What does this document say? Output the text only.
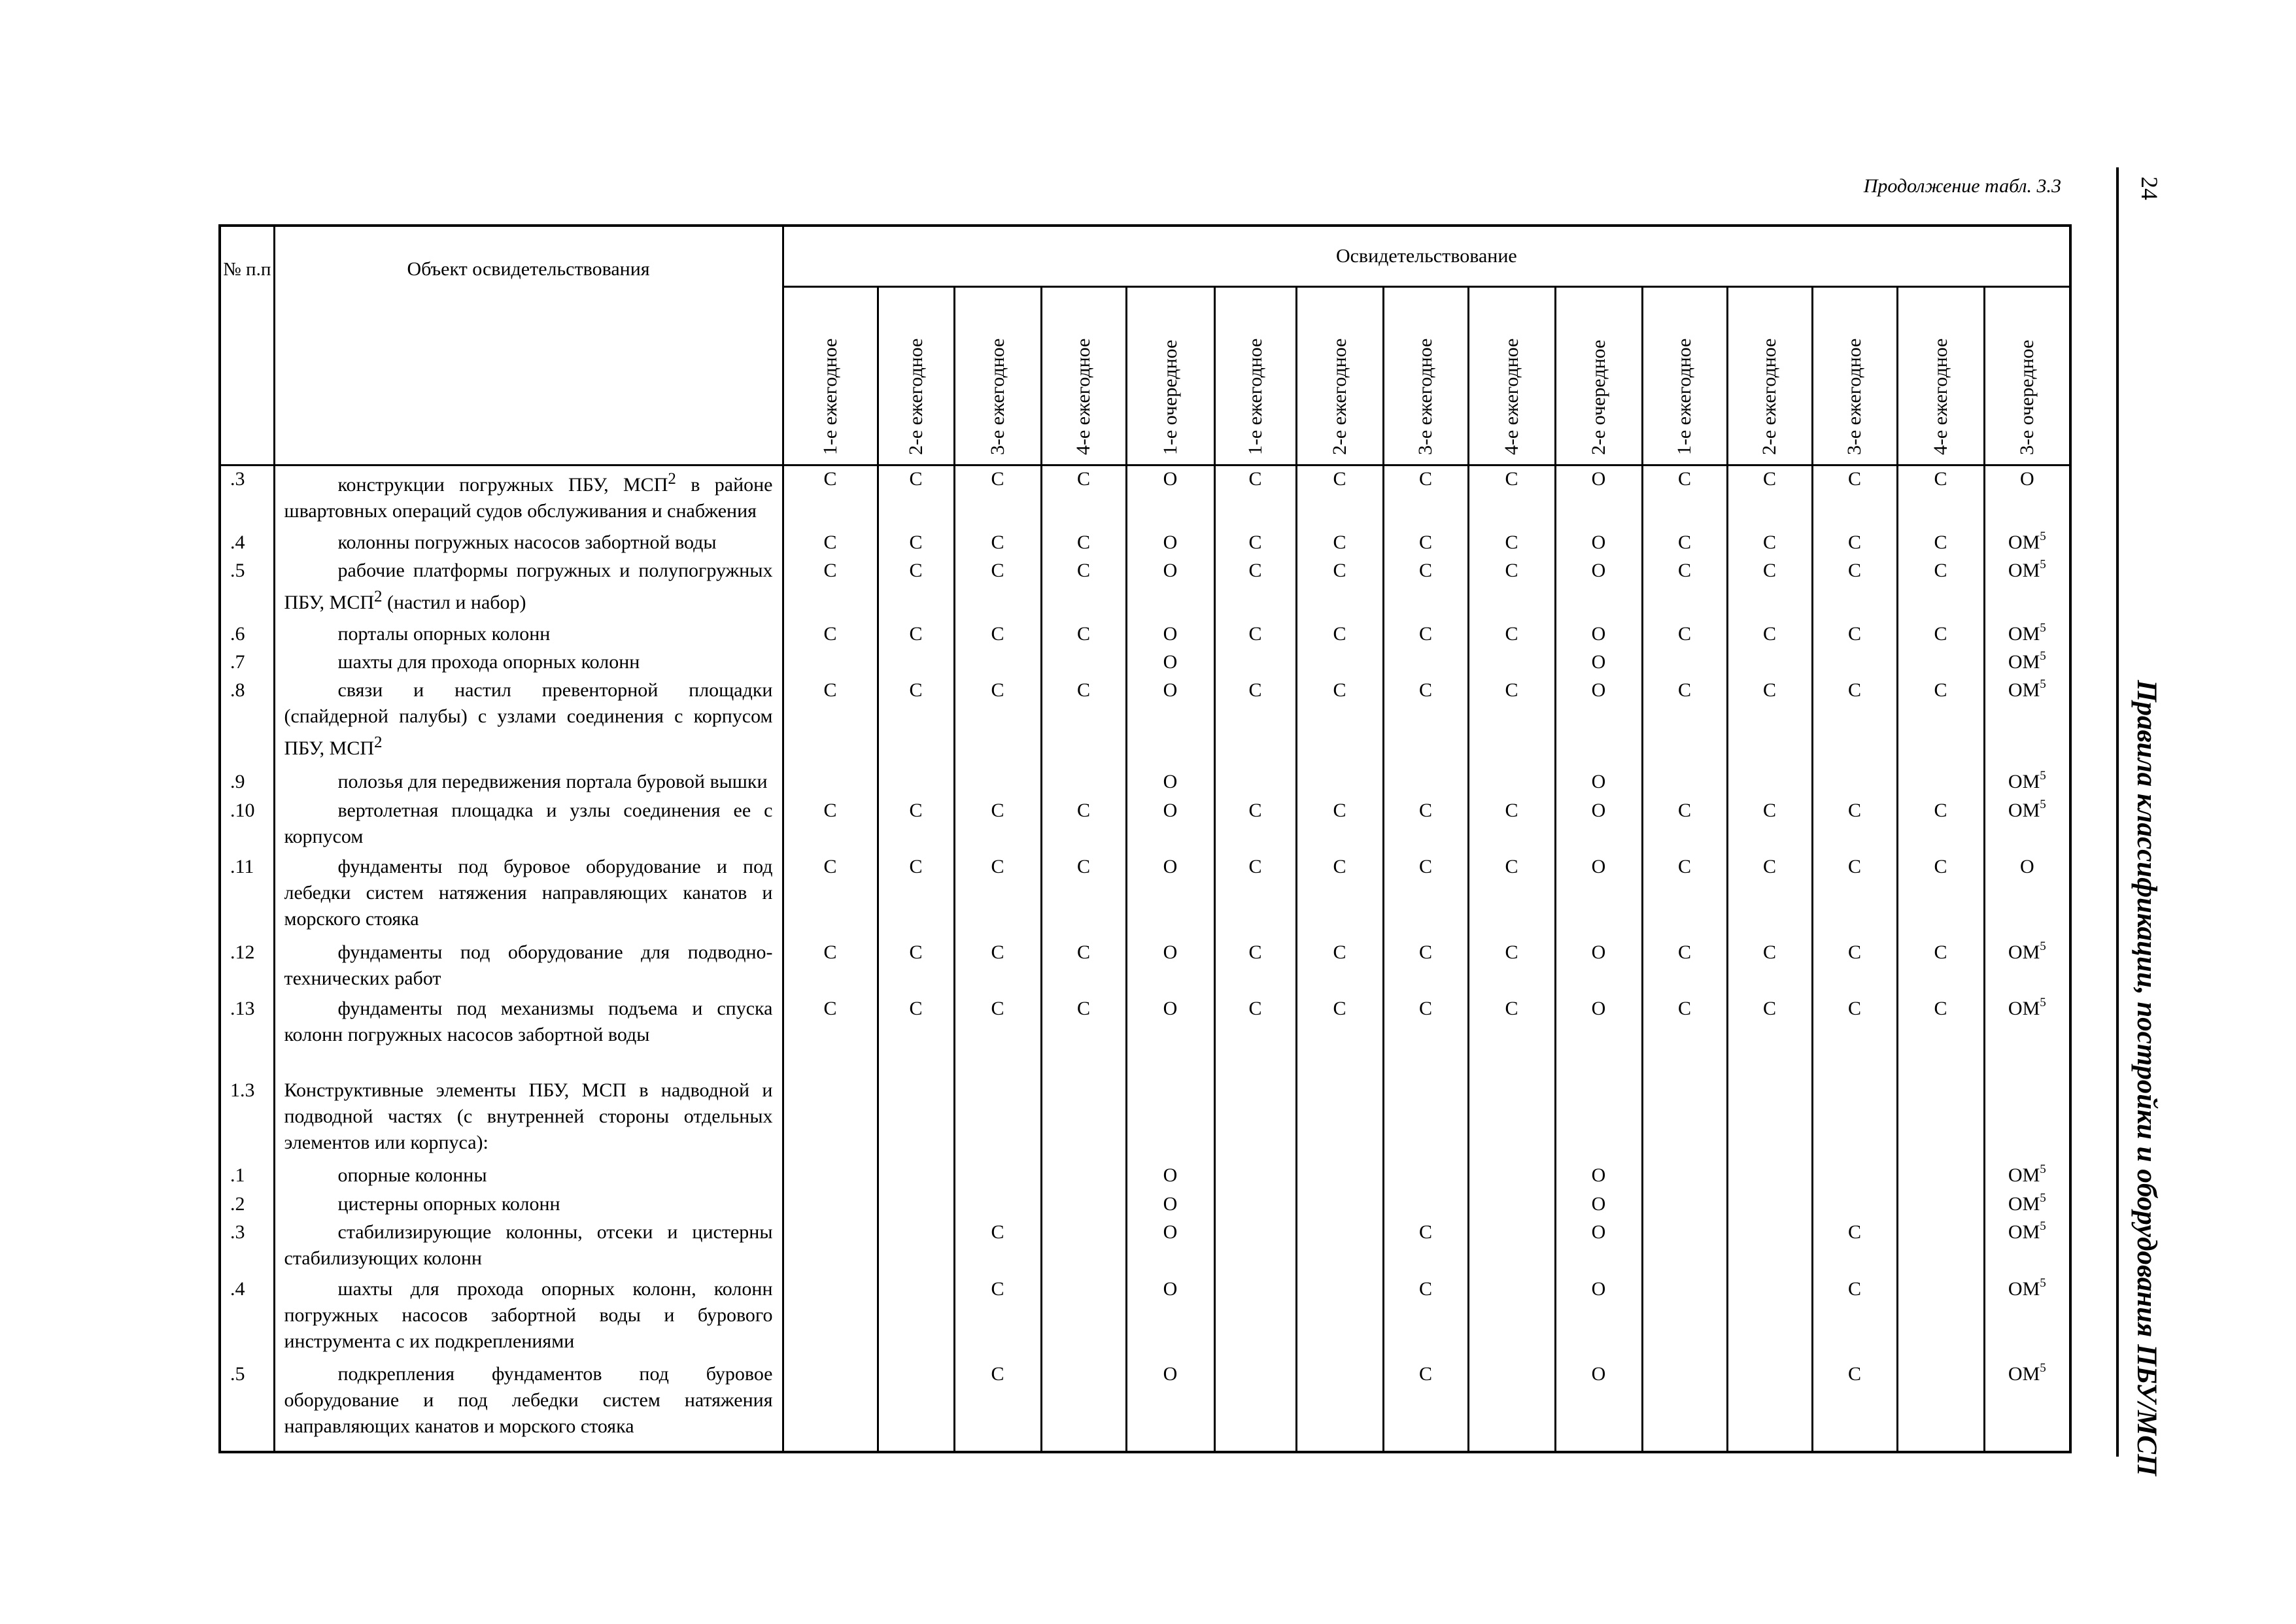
Продолжение табл. 3.3	24
Правила классификации, постройки и оборудования ПБУ/МСП
№ п.п	Объект освидетельствования	Освидетельствование														

		1-е ежегодное	2-е ежегодное	3-е ежегодное	4-е ежегодное	1-е очередное	1-е ежегодное	2-е ежегодное	3-е ежегодное	4-е ежегодное	2-е очередное	1-е ежегодное	2-е ежегодное	3-е ежегодное	4-е ежегодное	3-е очередное

.3	конструкции погружных ПБУ, МСП$^2$ в районе швартовных операций судов обслуживания и снабжения	С	С	С	С	О	С	С	С	С	О	С	С	С	С	О
.4	колонны погружных насосов забортной воды	С	С	С	С	О	С	С	С	С	О	С	С	С	С	$ОМ^5$
.5	рабочие платформы погружных и полупогружных ПБУ, МСП$^2$ (настил и набор)	С	С	С	С	О	С	С	С	С	О	С	С	С	С	$ОМ^5$
.6	порталы опорных колонн	С	С	С	С	О	С	С	С	С	О	С	С	С	С	$ОМ^5$
.7	шахты для прохода опорных колонн					О					О					$ОМ^5$
.8	связи и настил превенторной площадки (спайдерной палубы) с узлами соединения с корпусом ПБУ, МСП$^2$	С	С	С	С	О	С	С	С	С	О	С	С	С	С	$ОМ^5$
.9	полозья для передвижения портала буровой вышки					О					О					$ОМ^5$
.10	вертолетная площадка и узлы соединения ее с корпусом	С	С	С	С	О	С	С	С	С	О	С	С	С	С	$ОМ^5$
.11	фундаменты под буровое оборудование и под лебедки систем натяжения направляющих канатов и морского стояка	С	С	С	С	О	С	С	С	С	О	С	С	С	С	О
.12	фундаменты под оборудование для подводно-технических работ	С	С	С	С	О	С	С	С	С	О	С	С	С	С	$ОМ^5$
.13	фундаменты под механизмы подъема и спуска колонн погружных насосов забортной воды	С	С	С	С	О	С	С	С	С	О	С	С	С	С	$ОМ^5$

1.3	Конструктивные элементы ПБУ, МСП в надводной и подводной частях (с внутренней стороны отдельных элементов или корпуса):															
.1	опорные колонны					О					О					$ОМ^5$
.2	цистерны опорных колонн					О					О					$ОМ^5$
.3	стабилизирующие колонны, отсеки и цистерны стабилизующих колонн			С		О			С		О			С		$ОМ^5$
.4	шахты для прохода опорных колонн, колонн погружных насосов забортной воды и бурового инструмента с их подкреплениями			С		О			С		О			С		$ОМ^5$
.5	подкрепления фундаментов под буровое оборудование и под лебедки систем натяжения направляющих канатов и морского стояка			С		О			С		О			С		$ОМ^5$
